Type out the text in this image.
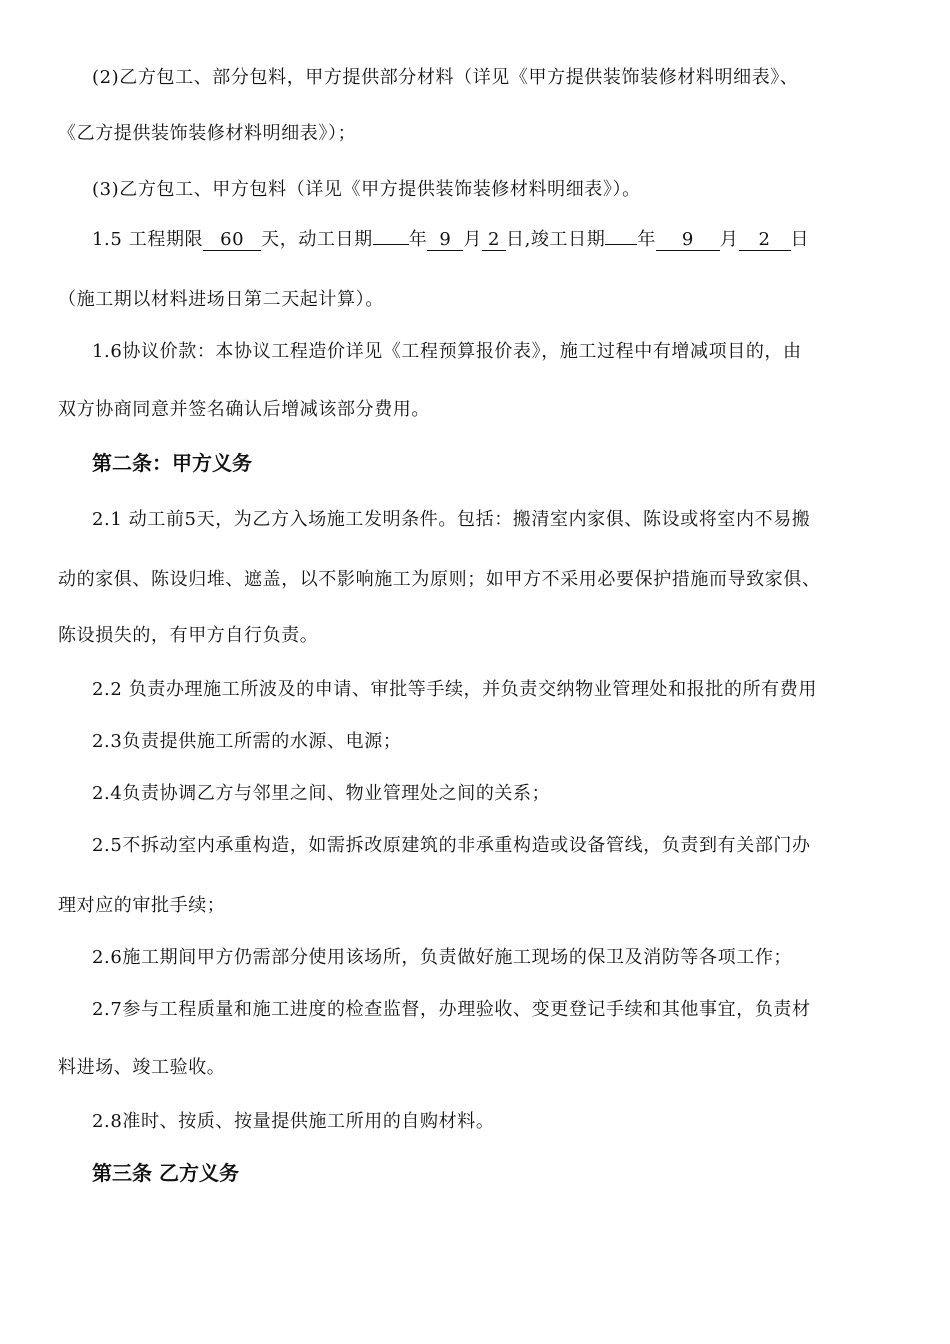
(2)乙方包工、部分包料，甲方提供部分材料（详见《甲方提供装饰装修材料明细表》、
《乙方提供装饰装修材料明细表》）；
(3)乙方包工、甲方包料（详见《甲方提供装饰装修材料明细表》）。
1.5 工程期限 60 天，动工日期 年 9 月 2 日,竣工日期 年 9 月 2 日
（施工期以材料进场日第二天起计算）。
1.6协议价款：本协议工程造价详见《工程预算报价表》，施工过程中有增减项目的，由
双方协商同意并签名确认后增减该部分费用。
第二条：甲方义务
2.1 动工前5天，为乙方入场施工发明条件。包括：搬清室内家俱、陈设或将室内不易搬
动的家俱、陈设归堆、遮盖，以不影响施工为原则；如甲方不采用必要保护措施而导致家俱、
陈设损失的，有甲方自行负责。
2.2 负责办理施工所波及的申请、审批等手续，并负责交纳物业管理处和报批的所有费用
2.3负责提供施工所需的水源、电源；
2.4负责协调乙方与邻里之间、物业管理处之间的关系；
2.5不拆动室内承重构造，如需拆改原建筑的非承重构造或设备管线，负责到有关部门办
理对应的审批手续；
2.6施工期间甲方仍需部分使用该场所，负责做好施工现场的保卫及消防等各项工作；
2.7参与工程质量和施工进度的检查监督，办理验收、变更登记手续和其他事宜，负责材
料进场、竣工验收。
2.8准时、按质、按量提供施工所用的自购材料。
第三条 乙方义务
